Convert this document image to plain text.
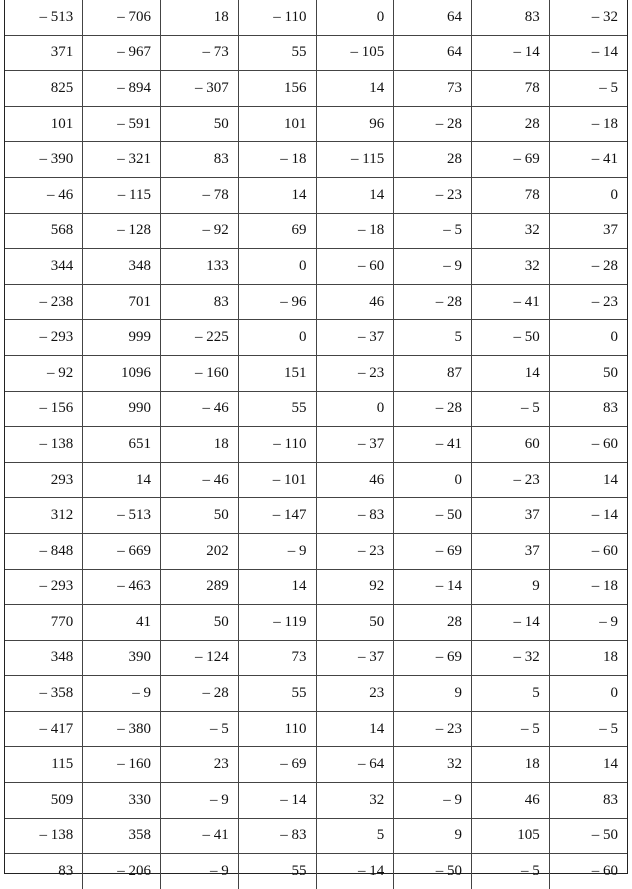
– 513	– 706	18	– 110	0	64	83	– 32
371	– 967	– 73	55	– 105	64	– 14	– 14
825	– 894	– 307	156	14	73	78	– 5
101	– 591	50	101	96	– 28	28	– 18
– 390	– 321	83	– 18	– 115	28	– 69	– 41
– 46	– 115	– 78	14	14	– 23	78	0
568	– 128	– 92	69	– 18	– 5	32	37
344	348	133	0	– 60	– 9	32	– 28
– 238	701	83	– 96	46	– 28	– 41	– 23
– 293	999	– 225	0	– 37	5	– 50	0
– 92	1096	– 160	151	– 23	87	14	50
– 156	990	– 46	55	0	– 28	– 5	83
– 138	651	18	– 110	– 37	– 41	60	– 60
293	14	– 46	– 101	46	0	– 23	14
312	– 513	50	– 147	– 83	– 50	37	– 14
– 848	– 669	202	– 9	– 23	– 69	37	– 60
– 293	– 463	289	14	92	– 14	9	– 18
770	41	50	– 119	50	28	– 14	– 9
348	390	– 124	73	– 37	– 69	– 32	18
– 358	– 9	– 28	55	23	9	5	0
– 417	– 380	– 5	110	14	– 23	– 5	– 5
115	– 160	23	– 69	– 64	32	18	14
509	330	– 9	– 14	32	– 9	46	83
– 138	358	– 41	– 83	5	9	105	– 50
83	– 206	– 9	55	– 14	– 50	– 5	– 60
